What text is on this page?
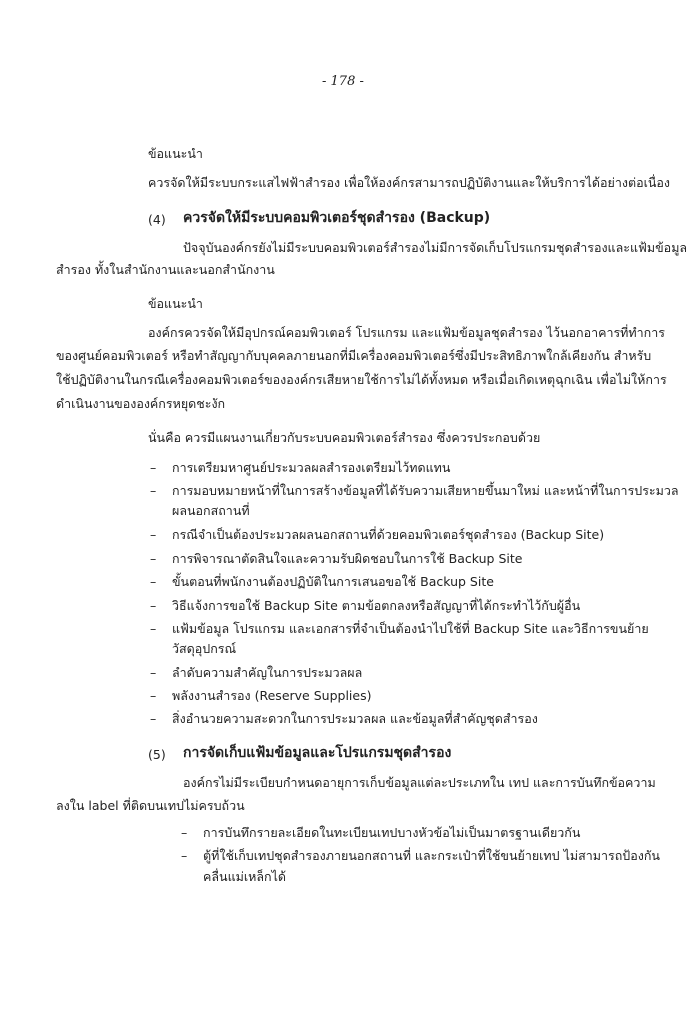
- 178 -

ข้อแนะนำ

ควรจัดให้มีระบบกระแสไฟฟ้าสำรอง เพื่อให้องค์กรสามารถปฏิบัติงานและให้บริการได้อย่างต่อเนื่อง

(4) ควรจัดให้มีระบบคอมพิวเตอร์ชุดสำรอง (Backup)

ปัจจุบันองค์กรยังไม่มีระบบคอมพิวเตอร์สำรองไม่มีการจัดเก็บโปรแกรมชุดสำรองและแฟ้มข้อมูล

สำรอง ทั้งในสำนักงานและนอกสำนักงาน

ข้อแนะนำ

องค์กรควรจัดให้มีอุปกรณ์คอมพิวเตอร์ โปรแกรม และแฟ้มข้อมูลชุดสำรอง ไว้นอกอาคารที่ทำการ

ของศูนย์คอมพิวเตอร์ หรือทำสัญญากับบุคคลภายนอกที่มีเครื่องคอมพิวเตอร์ซึ่งมีประสิทธิภาพใกล้เคียงกัน สำหรับ

ใช้ปฏิบัติงานในกรณีเครื่องคอมพิวเตอร์ขององค์กรเสียหายใช้การไม่ได้ทั้งหมด หรือเมื่อเกิดเหตุฉุกเฉิน เพื่อไม่ให้การ

ดำเนินงานขององค์กรหยุดชะงัก

นั่นคือ ควรมีแผนงานเกี่ยวกับระบบคอมพิวเตอร์สำรอง ซึ่งควรประกอบด้วย

– การเตรียมหาศูนย์ประมวลผลสำรองเตรียมไว้ทดแทน

– การมอบหมายหน้าที่ในการสร้างข้อมูลที่ได้รับความเสียหายขึ้นมาใหม่ และหน้าที่ในการประมวล

ผลนอกสถานที่

– กรณีจำเป็นต้องประมวลผลนอกสถานที่ด้วยคอมพิวเตอร์ชุดสำรอง (Backup Site)

– การพิจารณาตัดสินใจและความรับผิดชอบในการใช้ Backup Site

– ขั้นตอนที่พนักงานต้องปฏิบัติในการเสนอขอใช้ Backup Site

– วิธีแจ้งการขอใช้ Backup Site ตามข้อตกลงหรือสัญญาที่ได้กระทำไว้กับผู้อื่น

– แฟ้มข้อมูล โปรแกรม และเอกสารที่จำเป็นต้องนำไปใช้ที่ Backup Site และวิธีการขนย้าย

วัสดุอุปกรณ์

– ลำดับความสำคัญในการประมวลผล

– พลังงานสำรอง (Reserve Supplies)

– สิ่งอำนวยความสะดวกในการประมวลผล และข้อมูลที่สำคัญชุดสำรอง

(5) การจัดเก็บแฟ้มข้อมูลและโปรแกรมชุดสำรอง

องค์กรไม่มีระเบียบกำหนดอายุการเก็บข้อมูลแต่ละประเภทใน เทป และการบันทึกข้อความ

ลงใน label ที่ติดบนเทปไม่ครบถ้วน

– การบันทึกรายละเอียดในทะเบียนเทปบางหัวข้อไม่เป็นมาตรฐานเดียวกัน

– ตู้ที่ใช้เก็บเทปชุดสำรองภายนอกสถานที่ และกระเป๋าที่ใช้ขนย้ายเทป ไม่สามารถป้องกัน

คลื่นแม่เหล็กได้
